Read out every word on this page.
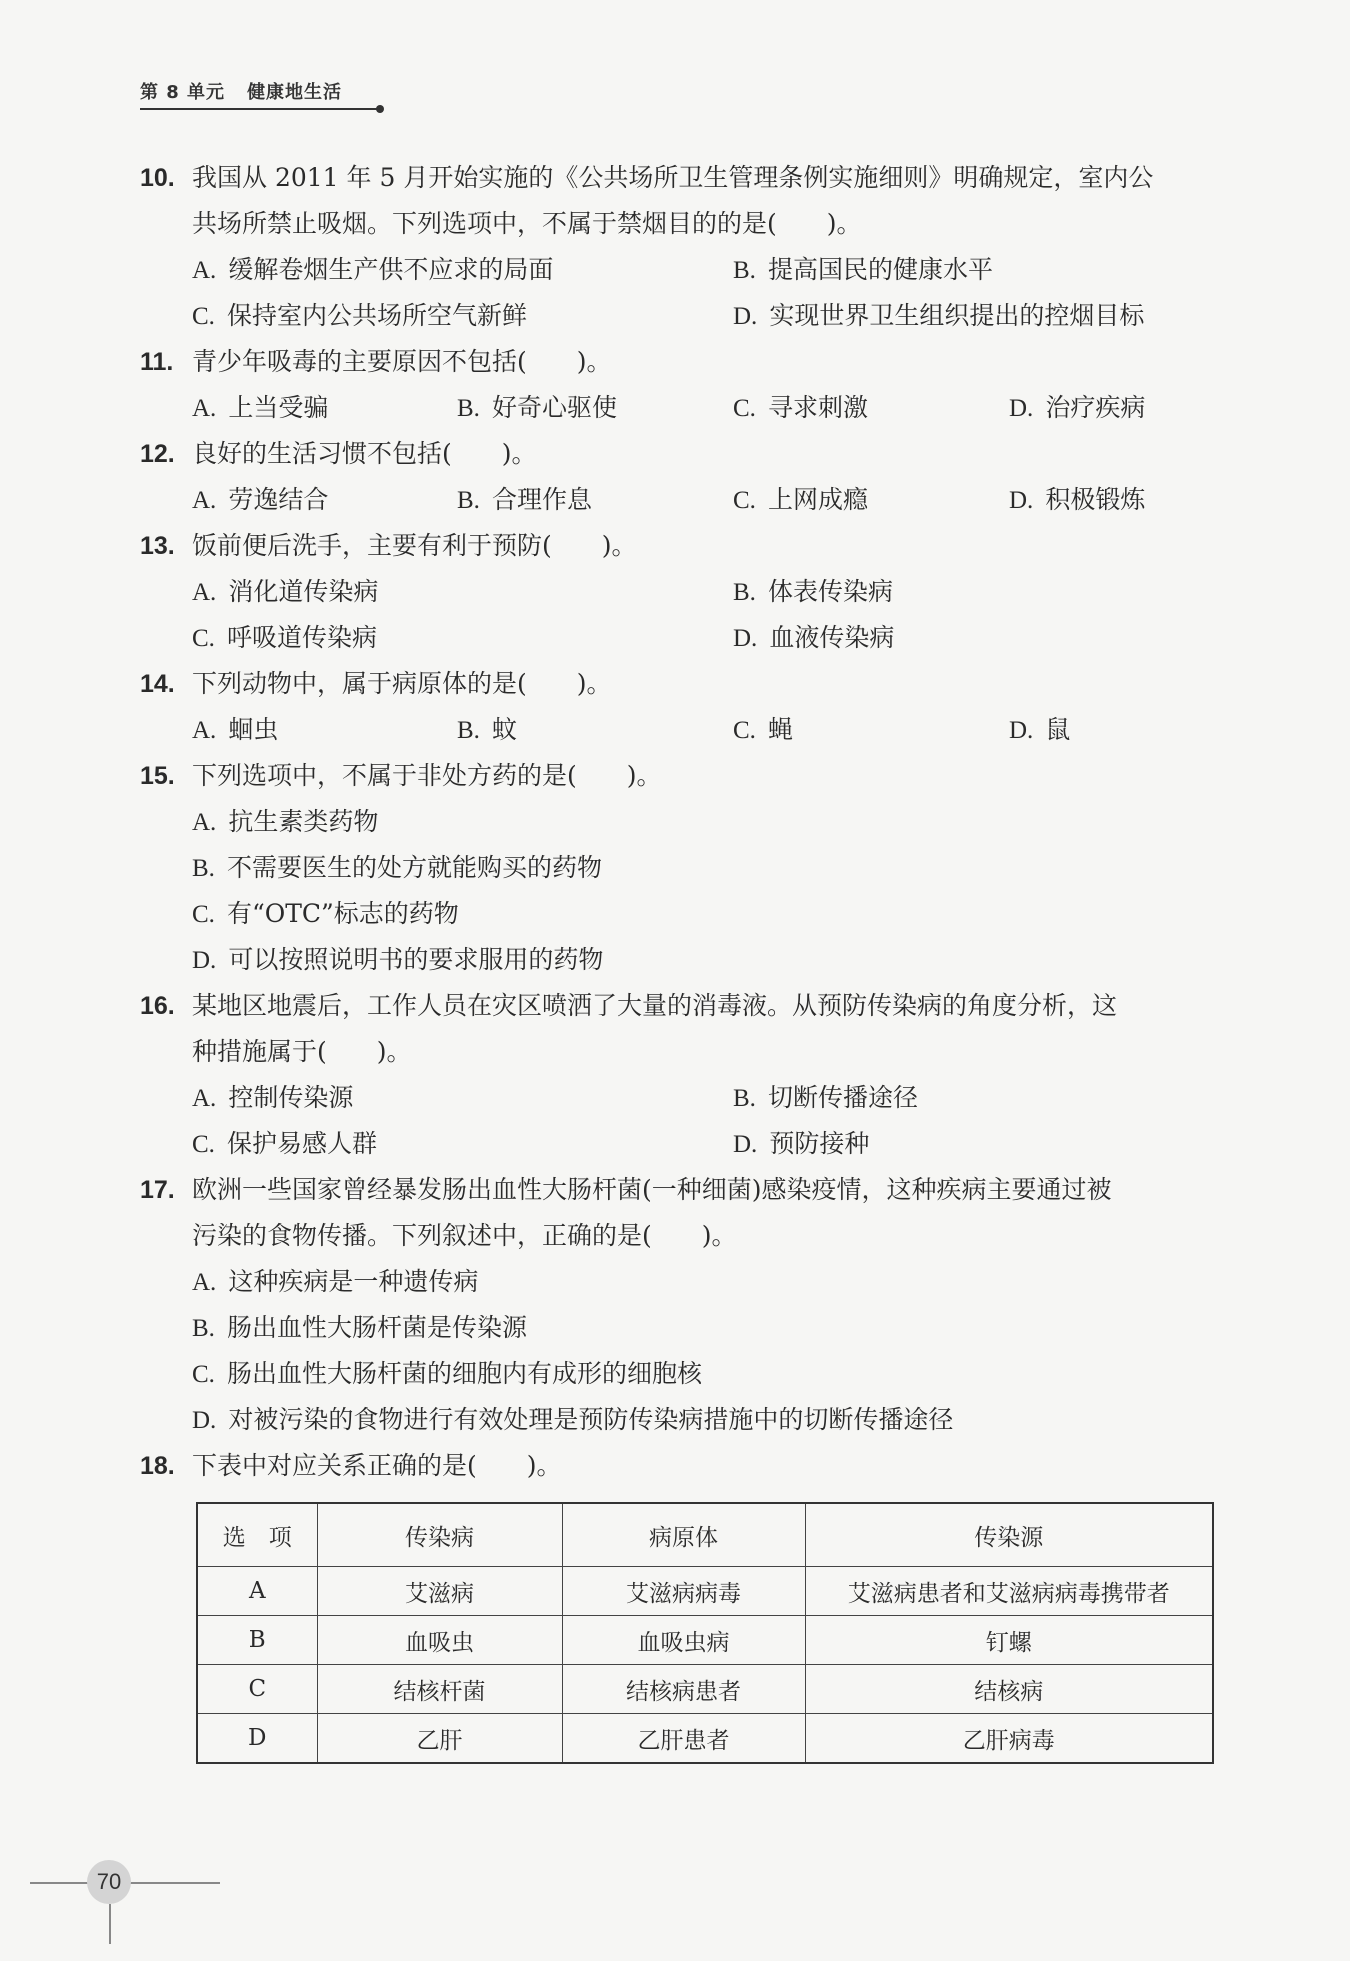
第 8 单元 健康地生活
10. 我国从 2011 年 5 月开始实施的《公共场所卫生管理条例实施细则》明确规定，室内公
共场所禁止吸烟。下列选项中，不属于禁烟目的的是(　　)。
A. 缓解卷烟生产供不应求的局面	B. 提高国民的健康水平
C. 保持室内公共场所空气新鲜	D. 实现世界卫生组织提出的控烟目标
11. 青少年吸毒的主要原因不包括(　　)。
A. 上当受骗	B. 好奇心驱使	C. 寻求刺激	D. 治疗疾病
12. 良好的生活习惯不包括(　　)。
A. 劳逸结合	B. 合理作息	C. 上网成瘾	D. 积极锻炼
13. 饭前便后洗手，主要有利于预防(　　)。
A. 消化道传染病	B. 体表传染病
C. 呼吸道传染病	D. 血液传染病
14. 下列动物中，属于病原体的是(　　)。
A. 蛔虫	B. 蚊	C. 蝇	D. 鼠
15. 下列选项中，不属于非处方药的是(　　)。
A. 抗生素类药物
B. 不需要医生的处方就能购买的药物
C. 有“OTC”标志的药物
D. 可以按照说明书的要求服用的药物
16. 某地区地震后，工作人员在灾区喷洒了大量的消毒液。从预防传染病的角度分析，这
种措施属于(　　)。
A. 控制传染源	B. 切断传播途径
C. 保护易感人群	D. 预防接种
17. 欧洲一些国家曾经暴发肠出血性大肠杆菌(一种细菌)感染疫情，这种疾病主要通过被
污染的食物传播。下列叙述中，正确的是(　　)。
A. 这种疾病是一种遗传病
B. 肠出血性大肠杆菌是传染源
C. 肠出血性大肠杆菌的细胞内有成形的细胞核
D. 对被污染的食物进行有效处理是预防传染病措施中的切断传播途径
18. 下表中对应关系正确的是(　　)。
选　项	传染病	病原体	传染源
A	艾滋病	艾滋病病毒	艾滋病患者和艾滋病病毒携带者
B	血吸虫	血吸虫病	钉螺
C	结核杆菌	结核病患者	结核病
D	乙肝	乙肝患者	乙肝病毒
70
